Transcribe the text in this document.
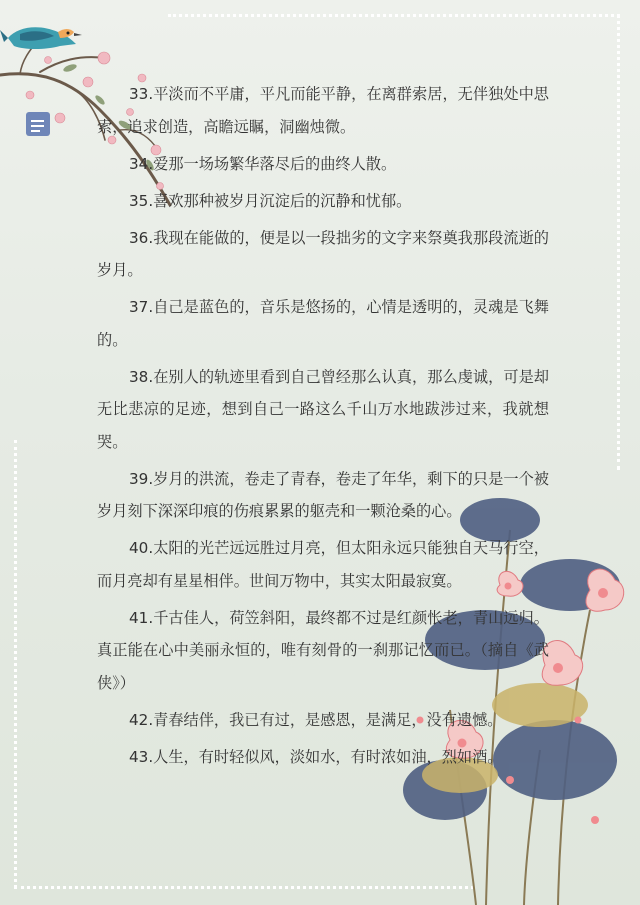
33.平淡而不平庸，平凡而能平静，在离群索居，无伴独处中思索，追求创造，高瞻远瞩，洞幽烛微。

34.爱那一场场繁华落尽后的曲终人散。

35.喜欢那种被岁月沉淀后的沉静和忧郁。

36.我现在能做的，便是以一段拙劣的文字来祭奠我那段流逝的岁月。

37.自己是蓝色的，音乐是悠扬的，心情是透明的，灵魂是飞舞的。

38.在别人的轨迹里看到自己曾经那么认真，那么虔诚，可是却无比悲凉的足迹，想到自己一路这么千山万水地跋涉过来，我就想哭。

39.岁月的洪流，卷走了青春，卷走了年华，剩下的只是一个被岁月刻下深深印痕的伤痕累累的躯壳和一颗沧桑的心。

40.太阳的光芒远远胜过月亮，但太阳永远只能独自天马行空，而月亮却有星星相伴。世间万物中，其实太阳最寂寞。

41.千古佳人，荷笠斜阳，最终都不过是红颜怅老，青山远归。真正能在心中美丽永恒的，唯有刻骨的一刹那记忆而已。（摘自《武侠》）

42.青春结伴，我已有过，是感恩，是满足，没有遗憾。

43.人生，有时轻似风，淡如水，有时浓如油，烈如酒。
